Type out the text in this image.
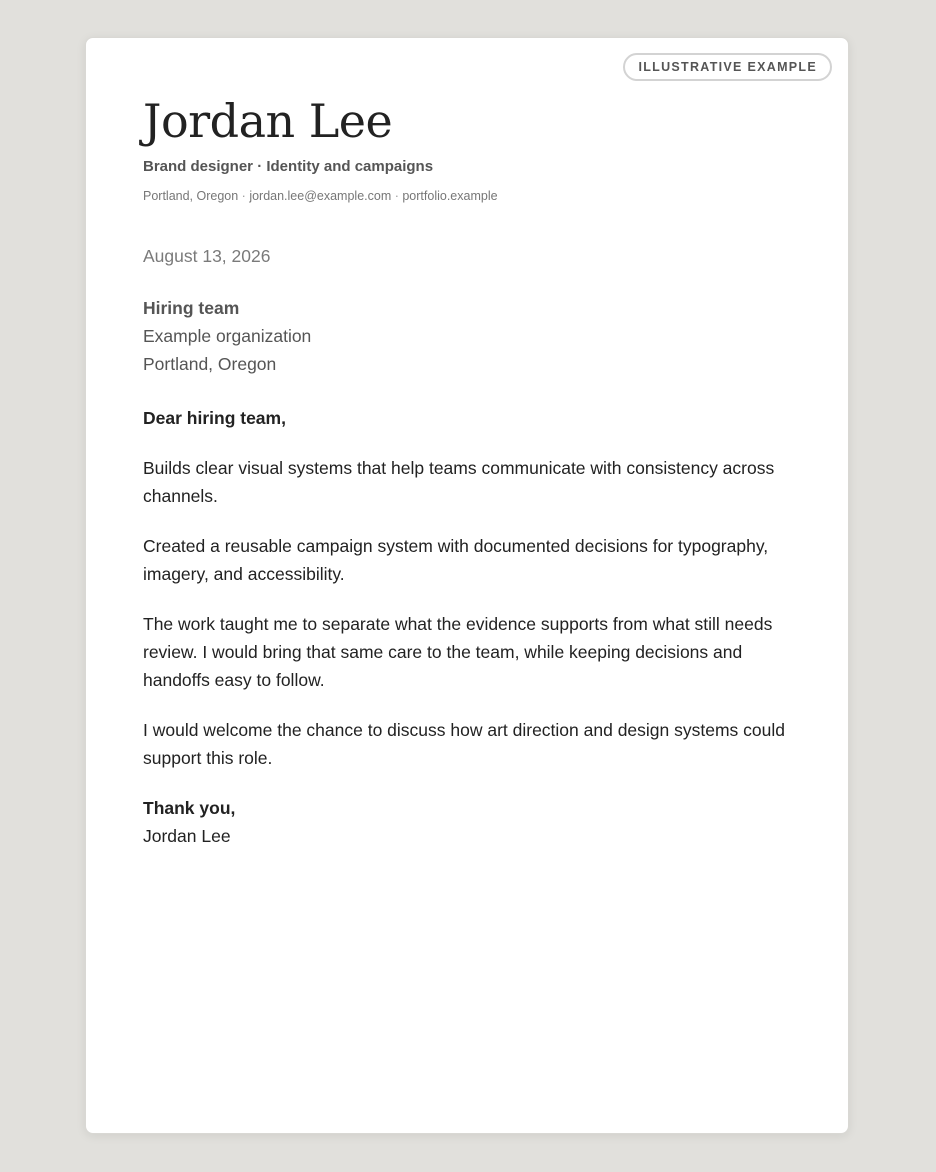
ILLUSTRATIVE EXAMPLE
Jordan Lee
Brand designer · Identity and campaigns
Portland, Oregon · jordan.lee@example.com · portfolio.example
August 13, 2026
Hiring team
Example organization
Portland, Oregon
Dear hiring team,

Builds clear visual systems that help teams communicate with consistency across channels.

Created a reusable campaign system with documented decisions for typography, imagery, and accessibility.

The work taught me to separate what the evidence supports from what still needs review. I would bring that same care to the team, while keeping decisions and handoffs easy to follow.

I would welcome the chance to discuss how art direction and design systems could support this role.

Thank you,
Jordan Lee
